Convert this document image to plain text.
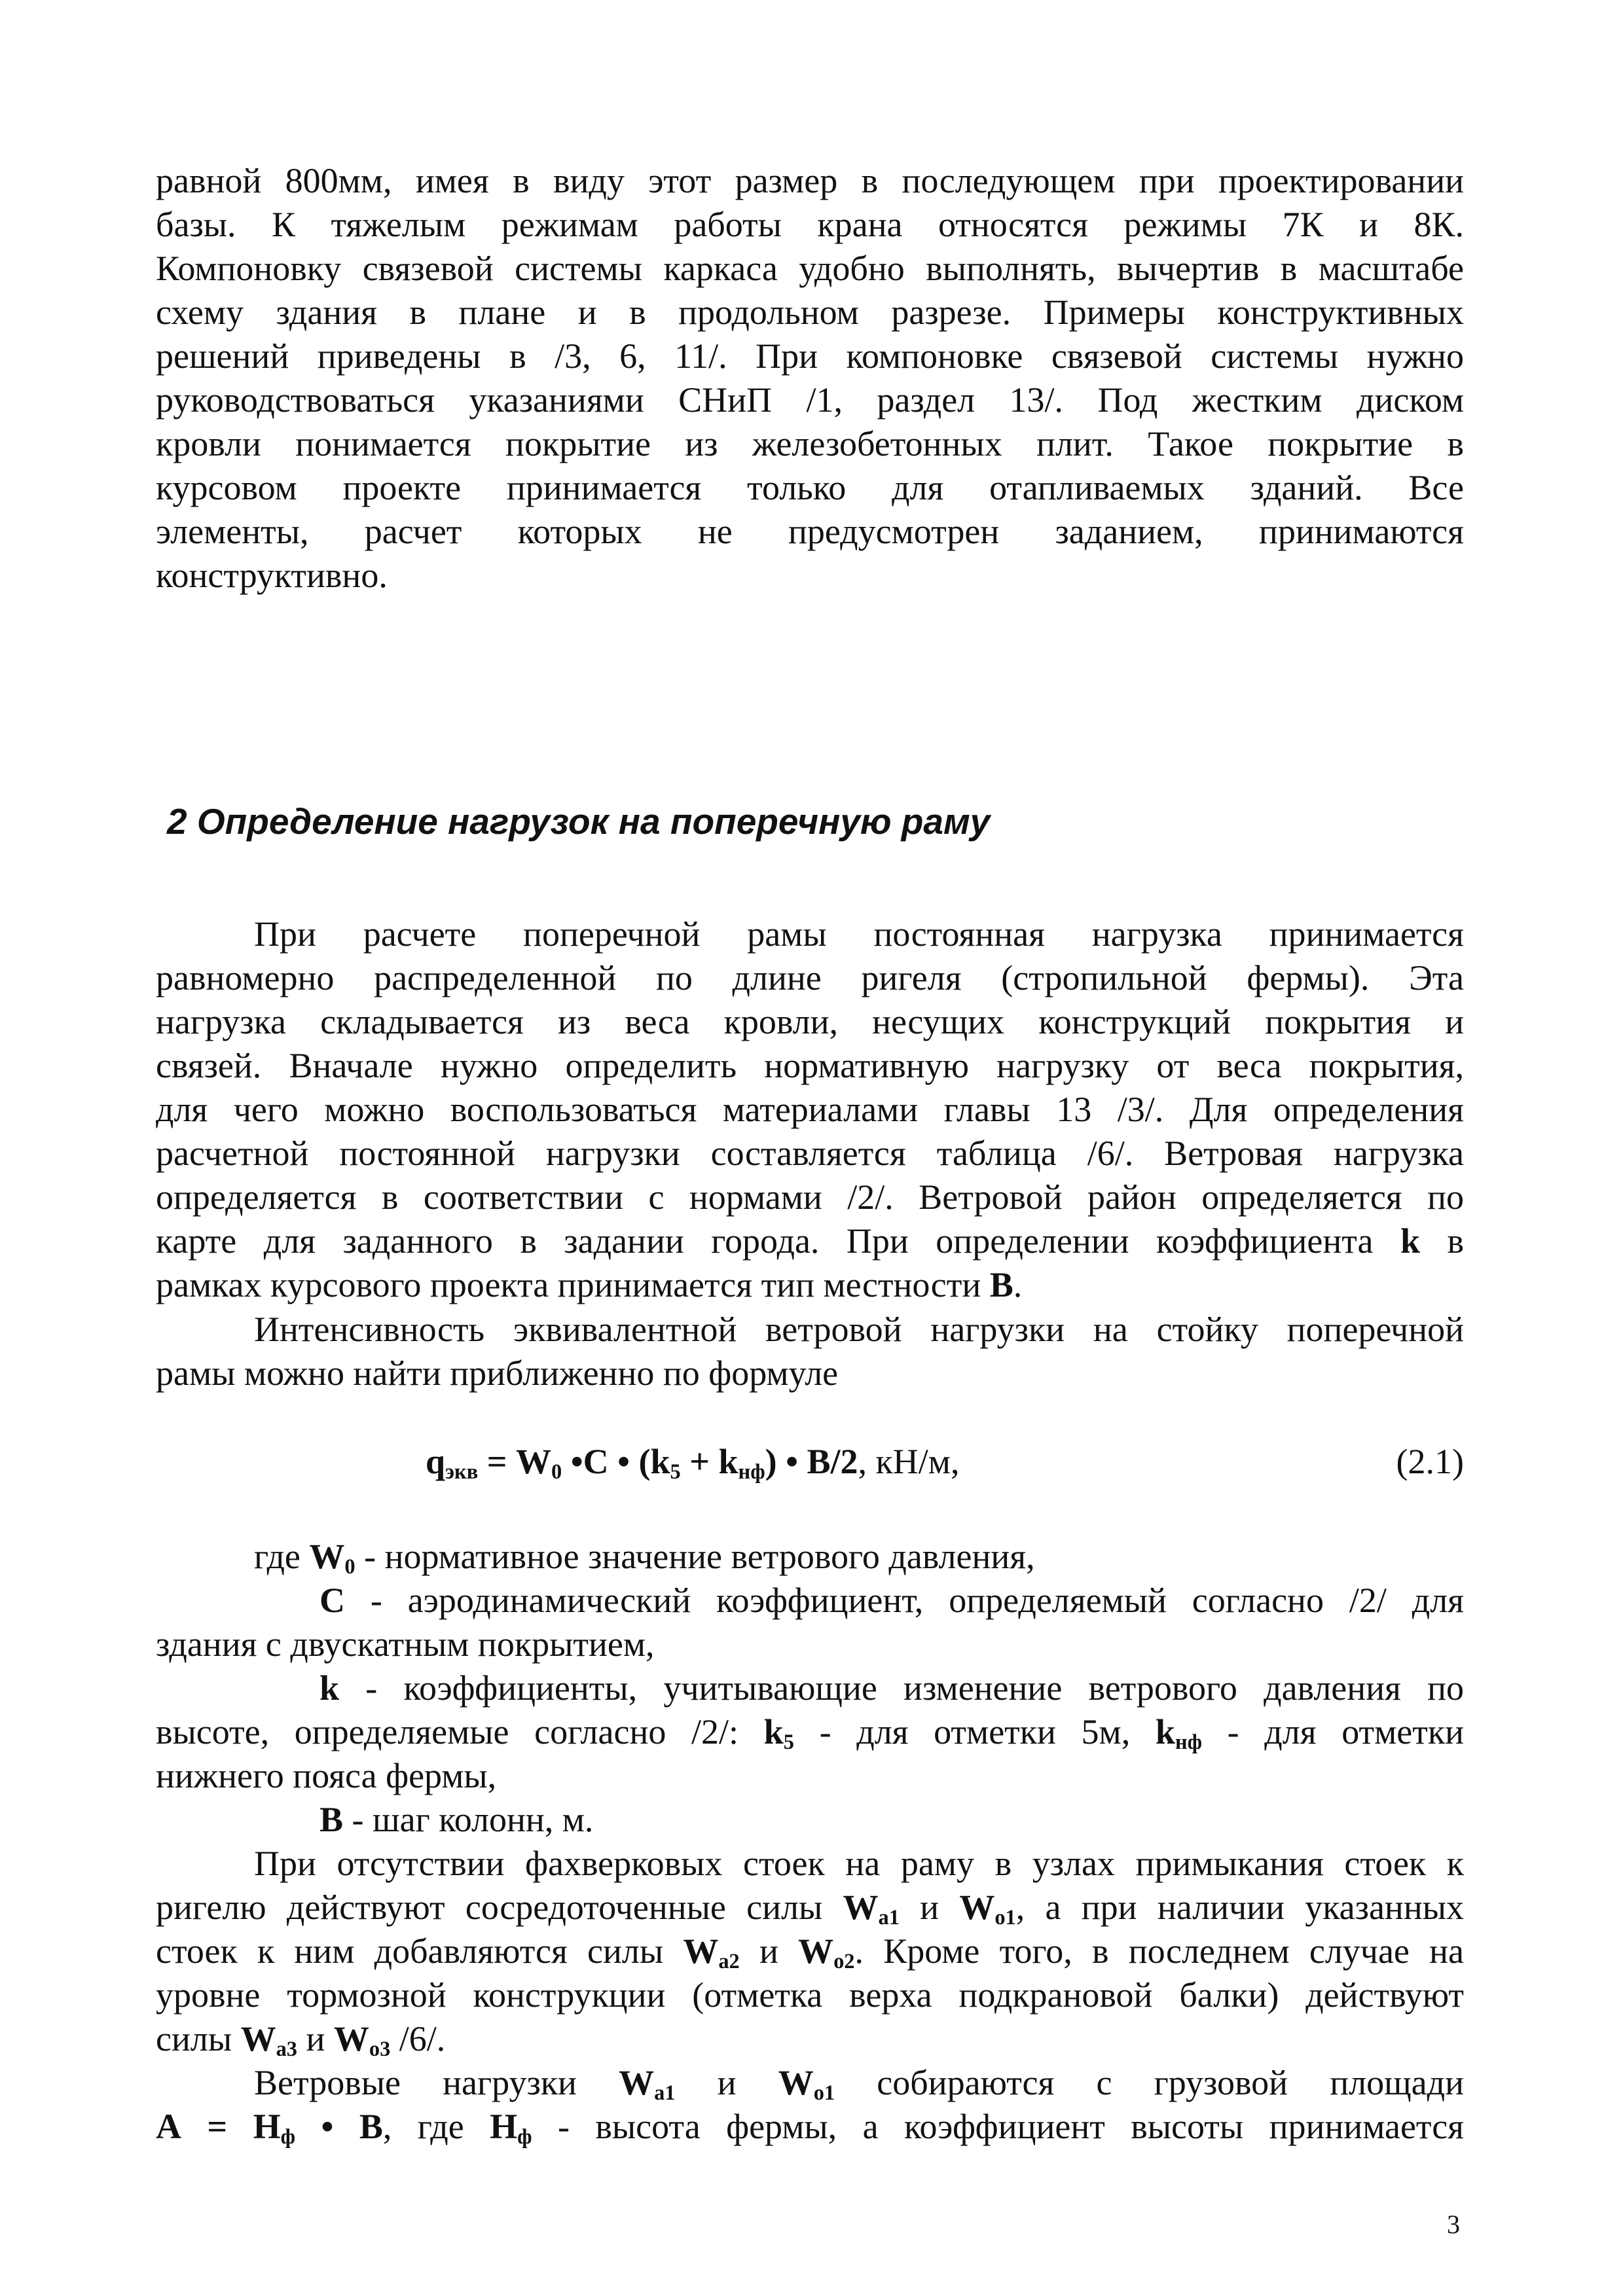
равной 800мм, имея в виду этот размер в последующем при проектировании
базы. К тяжелым режимам работы крана относятся режимы 7К и 8К.
Компоновку связевой системы каркаса удобно выполнять, вычертив в масштабе
схему здания в плане и в продольном разрезе. Примеры конструктивных
решений приведены в /3, 6, 11/. При компоновке связевой системы нужно
руководствоваться указаниями СНиП /1, раздел 13/. Под жестким диском
кровли понимается покрытие из железобетонных плит. Такое покрытие в
курсовом проекте принимается только для отапливаемых зданий. Все
элементы, расчет которых не предусмотрен заданием, принимаются
конструктивно.
2 Определение нагрузок на поперечную раму
При расчете поперечной рамы постоянная нагрузка принимается
равномерно распределенной по длине ригеля (стропильной фермы). Эта
нагрузка складывается из веса кровли, несущих конструкций покрытия и
связей. Вначале нужно определить нормативную нагрузку от веса покрытия,
для чего можно воспользоваться материалами главы 13 /3/. Для определения
расчетной постоянной нагрузки составляется таблица /6/. Ветровая нагрузка
определяется в соответствии с нормами /2/. Ветровой район определяется по
карте для заданного в задании города. При определении коэффициента k в
рамках курсового проекта принимается тип местности В.
Интенсивность эквивалентной ветровой нагрузки на стойку поперечной
рамы можно найти приближенно по формуле
$q_{экв} = W_0$ •C • $(k_5 + k_{нф})$ • B/2, кН/м,	(2.1)
где $W_0$ - нормативное значение ветрового давления,
С - аэродинамический коэффициент, определяемый согласно /2/ для
здания с двускатным покрытием,
k - коэффициенты, учитывающие изменение ветрового давления по
высоте, определяемые согласно /2/: $k_5$ - для отметки 5м, $k_{нф}$ - для отметки
нижнего пояса фермы,
В - шаг колонн, м.
При отсутствии фахверковых стоек на раму в узлах примыкания стоек к
ригелю действуют сосредоточенные силы $W_{a1}$ и $W_{o1}$, а при наличии указанных
стоек к ним добавляются силы $W_{a2}$ и $W_{o2}$. Кроме того, в последнем случае на
уровне тормозной конструкции (отметка верха подкрановой балки) действуют
силы $W_{a3}$ и $W_{o3}$ /6/.
Ветровые нагрузки $W_{a1}$ и $W_{o1}$ собираются с грузовой площади
$А = H_ф$ • В, где $H_ф$ - высота фермы, а коэффициент высоты принимается
3
